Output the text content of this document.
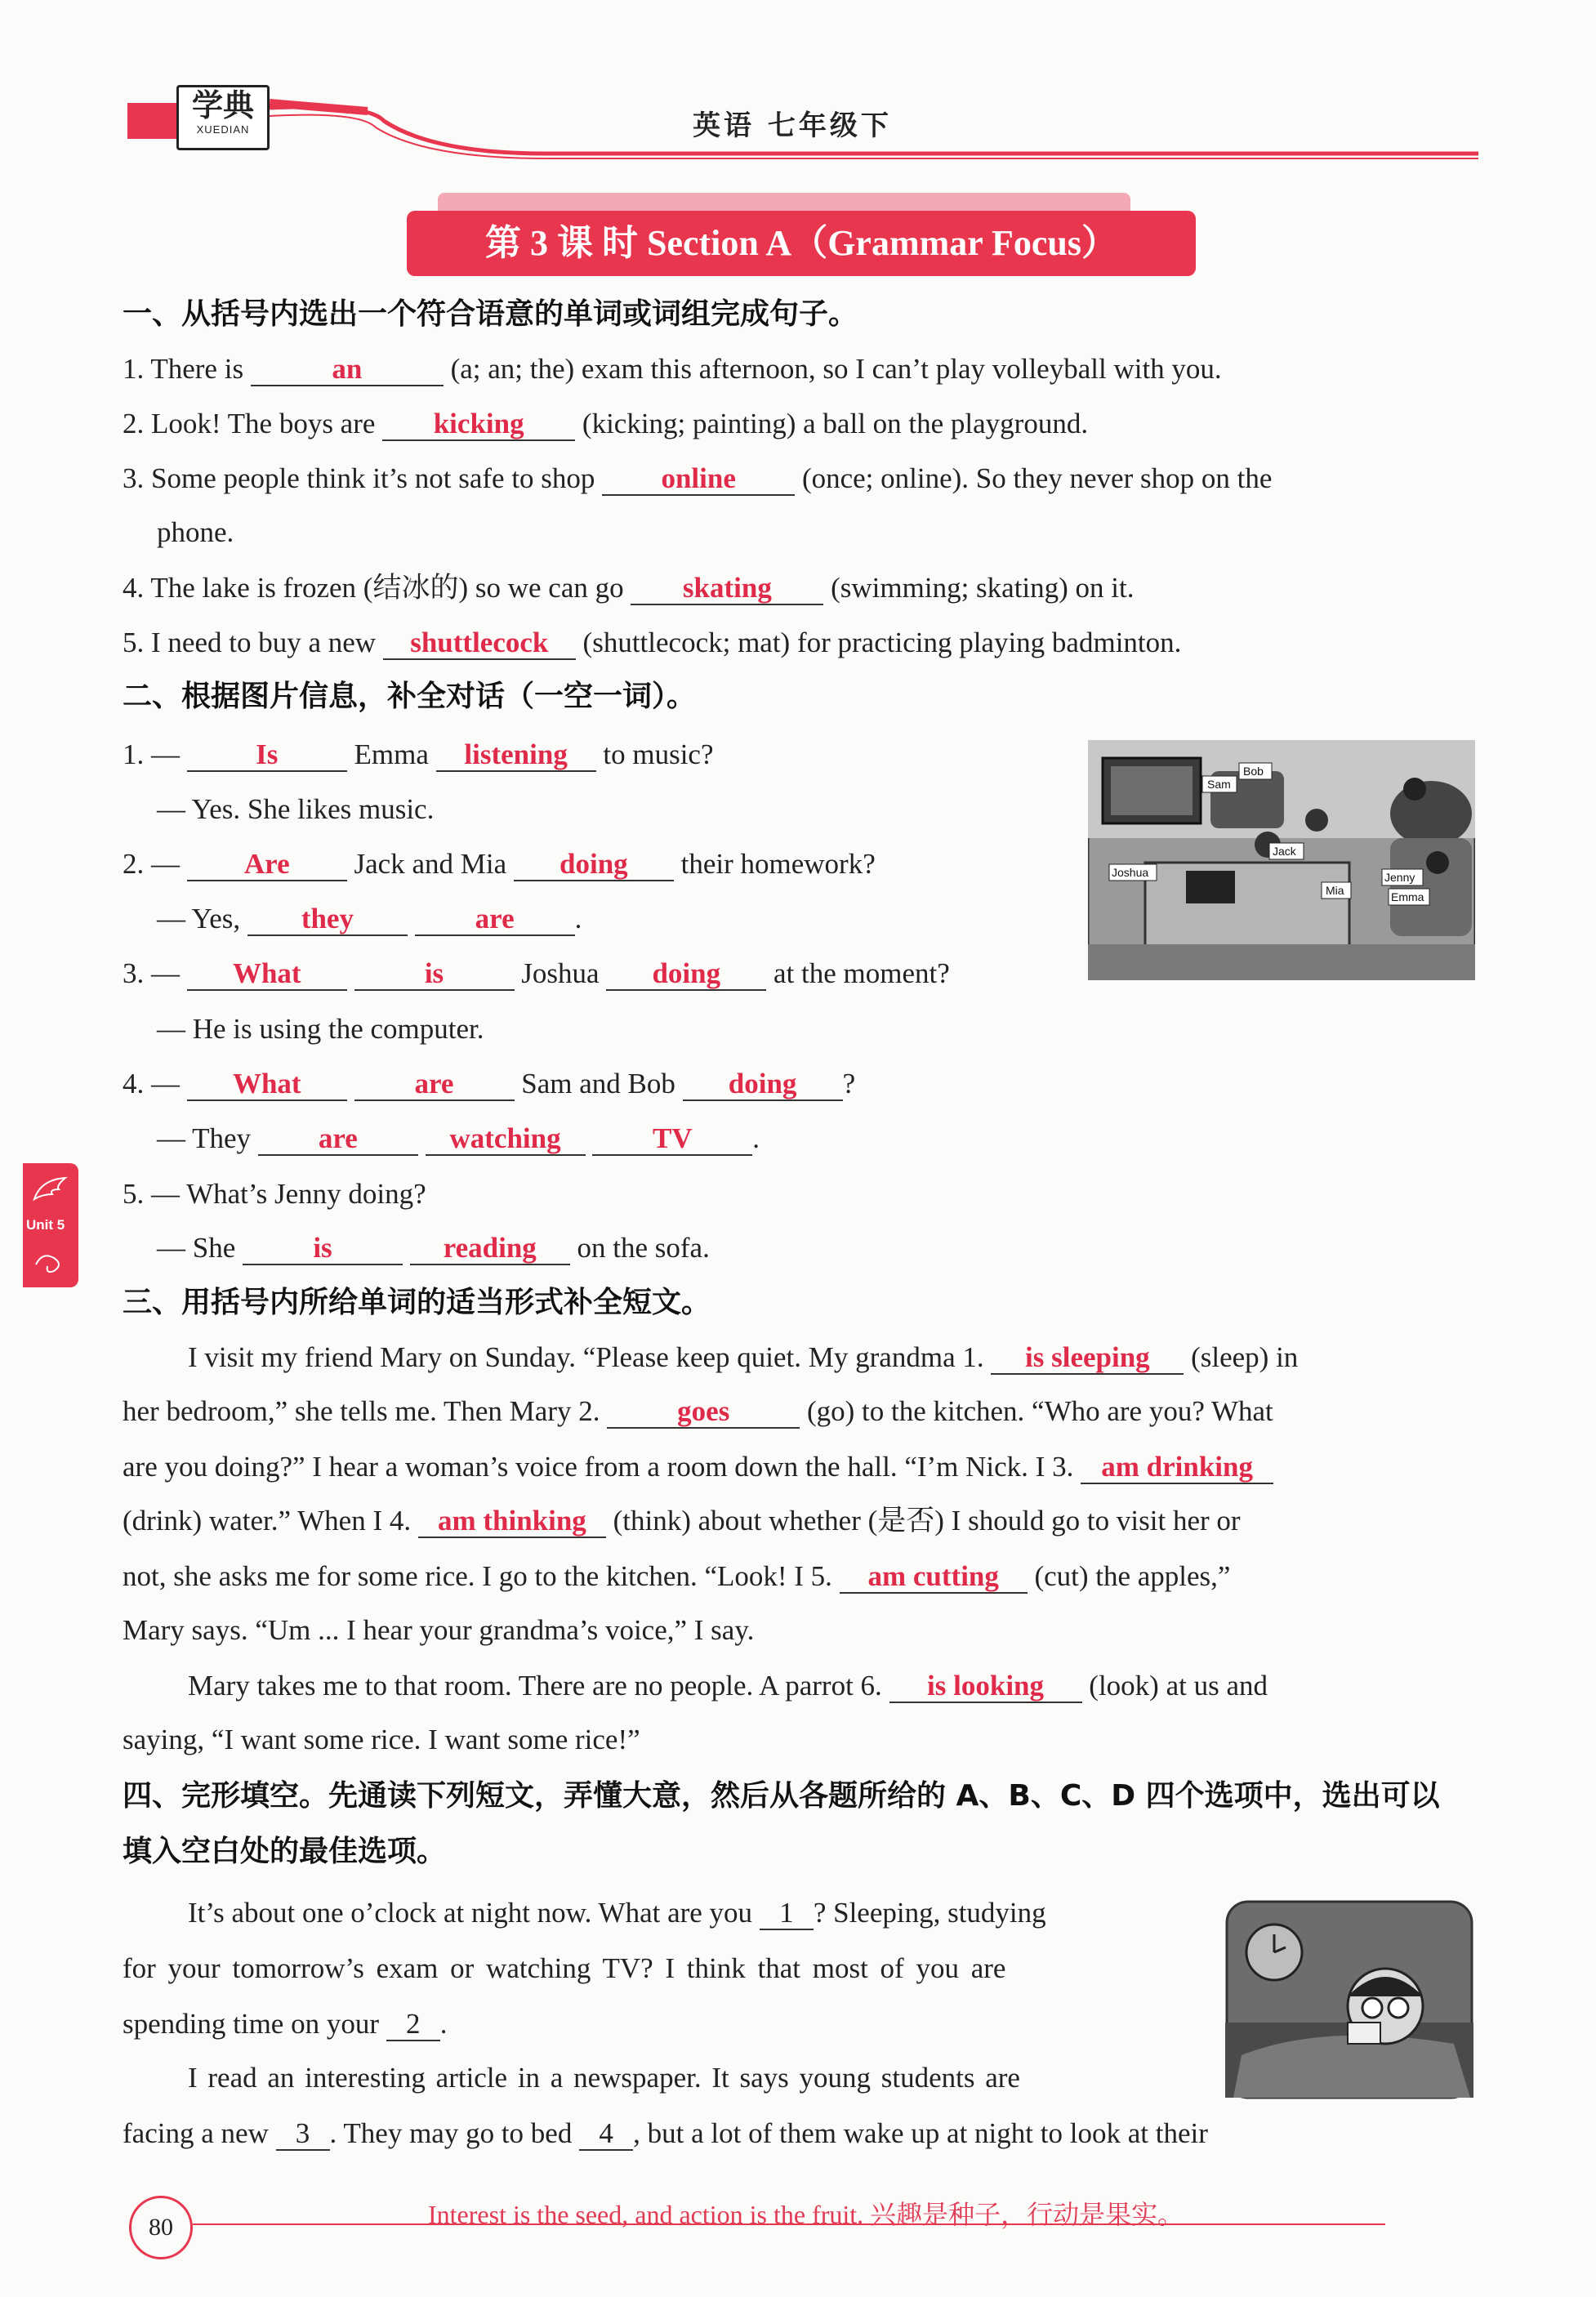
学典
XUEDIAN	英语 七年级下
第 3 课 时 Section A（Grammar Focus）
一、从括号内选出一个符合语意的单词或词组完成句子。
1. There is	an	(a; an; the) exam this afternoon, so I can’t play volleyball with you.
2. Look! The boys are kicking (kicking; painting) a ball on the playground.
3. Some people think it’s not safe to shop online (once; online). So they never shop on the
phone.
4. The lake is frozen (结冰的) so we can go skating (swimming; skating) on it.
5. I need to buy a new shuttlecock (shuttlecock; mat) for practicing playing badminton.
二、根据图片信息，补全对话（一空一词）。
1. —	Is	Emma listening to music?
— Yes. She likes music.
2. — Are Jack and Mia doing their homework?
— Yes, they	are .
3. — What	is	Joshua doing at the moment?
— He is using the computer.
4. — What	are Sam and Bob doing ?
— They are	watching	TV .
5. — What’s Jenny doing?
— She	is	reading on the sofa.
Sam
Bob
Jack
Joshua
Mia
Jenny
Emma
Unit 5
三、用括号内所给单词的适当形式补全短文。
I visit my friend Mary on Sunday. “Please keep quiet. My grandma 1. is sleeping (sleep) in
her bedroom,” she tells me. Then Mary 2.	goes	(go) to the kitchen. “Who are you? What
are you doing?” I hear a woman’s voice from a room down the hall. “I’m Nick. I 3. am drinking
(drink) water.” When I 4. am thinking (think) about whether (是否) I should go to visit her or
not, she asks me for some rice. I go to the kitchen. “Look! I 5. am cutting (cut) the apples,”
Mary says. “Um ... I hear your grandma’s voice,” I say.
Mary takes me to that room. There are no people. A parrot 6. is looking (look) at us and
saying, “I want some rice. I want some rice!”
四、完形填空。先通读下列短文，弄懂大意，然后从各题所给的 A、B、C、D 四个选项中，选出可以
填入空白处的最佳选项。
It’s about one o’clock at night now. What are you 1 ? Sleeping, studying
for your tomorrow’s exam or watching TV? I think that most of you are
spending time on your 2 .
I read an interesting article in a newspaper. It says young students are
facing a new 3 . They may go to bed 4 , but a lot of them wake up at night to look at their
80	Interest is the seed, and action is the fruit. 兴趣是种子，行动是果实。
